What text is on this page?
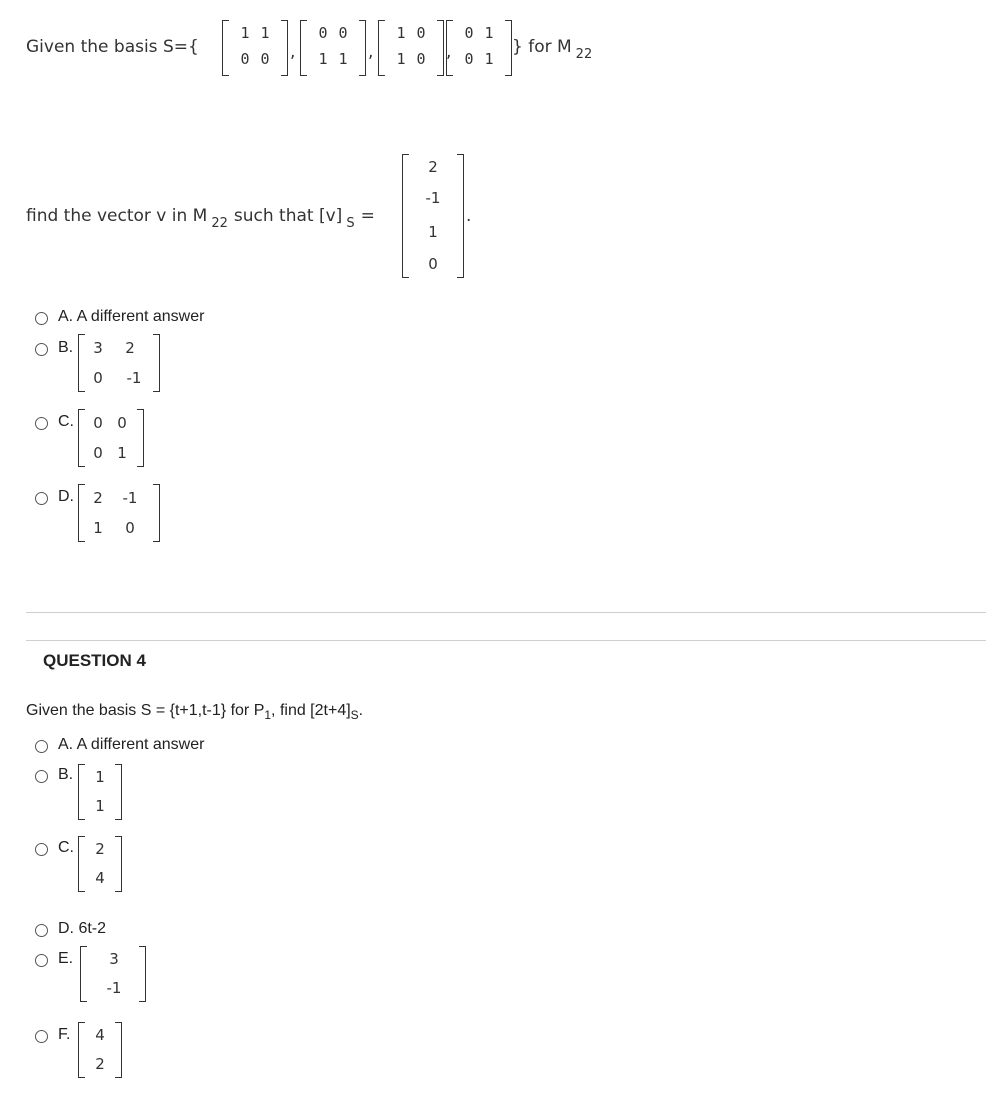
Given the basis S={
1 1
0 0 ,
0 0
1 1 ,
1 0
1 0 ,
0 1
0 1
} for M $_{22}$
find the vector v in M $_{22}$ such that [v] $_S$ =
2
-1
1
0
.
A. A different answer
B.	3	2
0	-1
C.	0 0
0 1
D.	2	-1
1	0
QUESTION 4
Given the basis S = {t+1,t-1} for $P_1$, find $[2t+4]_S$.
A. A different answer
B.	1
1
C.	2
4
D. 6t-2
E.	3
-1
F.	4
2
